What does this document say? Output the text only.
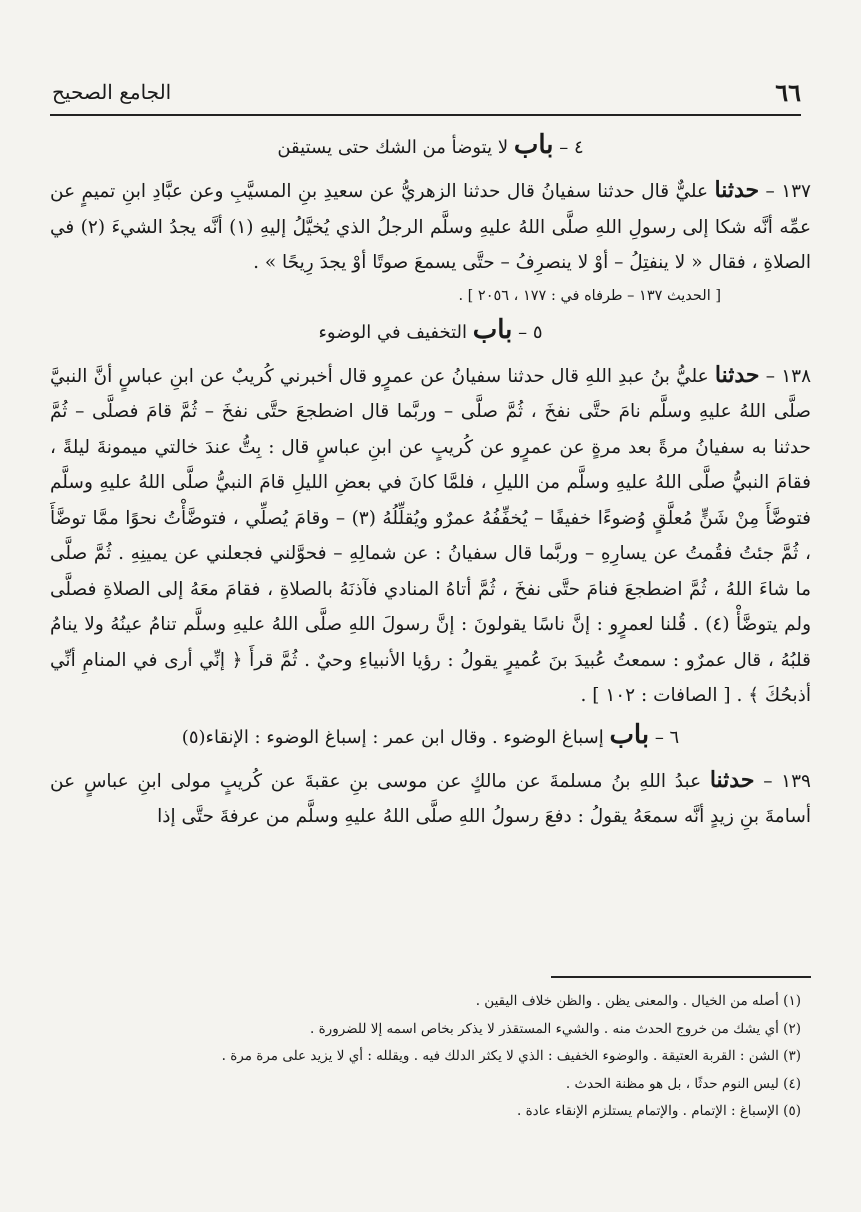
٦٦
الجامع الصحيح
٤ – باب لا يتوضأ من الشك حتى يستيقن

١٣٧ – حدثنا عليٌّ قال حدثنا سفيانُ قال حدثنا الزهريُّ عن سعيدِ بنِ المسيَّبِ وعن عبَّادِ ابنِ تميمٍ عن عمِّه أنَّه شكا إلى رسولِ اللهِ صلَّى اللهُ عليهِ وسلَّم الرجلُ الذي يُخيَّلُ إليهِ (١) أنَّه يجدُ الشيءَ (٢) في الصلاةِ ، فقال « لا ينفتِلُ – أوْ لا ينصرِفُ – حتَّى يسمعَ صوتًا أوْ يجدَ رِيحًا » .

[ الحديث ١٣٧ – طرفاه في : ١٧٧ ، ٢٠٥٦ ] .
٥ – باب التخفيف في الوضوء

١٣٨ – حدثنا عليُّ بنُ عبدِ اللهِ قال حدثنا سفيانُ عن عمرٍو قال أخبرني كُريبٌ عن ابنِ عباسٍ أنَّ النبيَّ صلَّى اللهُ عليهِ وسلَّم نامَ حتَّى نفخَ ، ثُمَّ صلَّى – وربَّما قال اضطجعَ حتَّى نفخَ – ثُمَّ قامَ فصلَّى – ثُمَّ حدثنا به سفيانُ مرةً بعد مرةٍ عن عمرٍو عن كُريبٍ عن ابنِ عباسٍ قال : بِتُّ عندَ خالتي ميمونةَ ليلةً ، فقامَ النبيُّ صلَّى اللهُ عليهِ وسلَّم من الليلِ ، فلمَّا كانَ في بعضِ الليلِ قامَ النبيُّ صلَّى اللهُ عليهِ وسلَّم فتوضَّأَ مِنْ شَنٍّ مُعلَّقٍ وُضوءًا خفيفًا – يُخفِّفُهُ عمرٌو ويُقلِّلُهُ (٣) – وقامَ يُصلِّي ، فتوضَّأْتُ نحوًا ممَّا توضَّأَ ، ثُمَّ جئتُ فقُمتُ عن يسارِهِ – وربَّما قال سفيانُ : عن شمالِهِ – فحوَّلني فجعلني عن يمينِهِ . ثُمَّ صلَّى ما شاءَ اللهُ ، ثُمَّ اضطجعَ فنامَ حتَّى نفخَ ، ثُمَّ أتاهُ المنادي فآذنَهُ بالصلاةِ ، فقامَ معَهُ إلى الصلاةِ فصلَّى ولم يتوضَّأْ (٤) . قُلنا لعمرٍو : إنَّ ناسًا يقولونَ : إنَّ رسولَ اللهِ صلَّى اللهُ عليهِ وسلَّم تنامُ عينُهُ ولا ينامُ قلبُهُ ، قال عمرٌو : سمعتُ عُبيدَ بنَ عُميرٍ يقولُ : رؤيا الأنبياءِ وحيٌ . ثُمَّ قرأَ ﴿ إنِّي أرى في المنامِ أنِّي أذبحُكَ ﴾ . [ الصافات : ١٠٢ ] .

٦ – باب إسباغ الوضوء . وقال ابن عمر : إسباغ الوضوء : الإنقاء(٥)

١٣٩ – حدثنا عبدُ اللهِ بنُ مسلمةَ عن مالكٍ عن موسى بنِ عقبةَ عن كُريبٍ مولى ابنِ عباسٍ عن أسامةَ بنِ زيدٍ أنَّه سمعَهُ يقولُ : دفعَ رسولُ اللهِ صلَّى اللهُ عليهِ وسلَّم من عرفةَ حتَّى إذا

(١) أصله من الخيال . والمعنى يظن . والظن خلاف اليقين .
(٢) أي يشك من خروج الحدث منه . والشيء المستقذر لا يذكر بخاص اسمه إلا للضرورة .
(٣) الشن : القربة العتيقة . والوضوء الخفيف : الذي لا يكثر الدلك فيه . ويقلله : أي لا يزيد على مرة مرة .
(٤) ليس النوم حدثًا ، بل هو مظنة الحدث .
(٥) الإسباغ : الإتمام . والإتمام يستلزم الإنقاء عادة .
